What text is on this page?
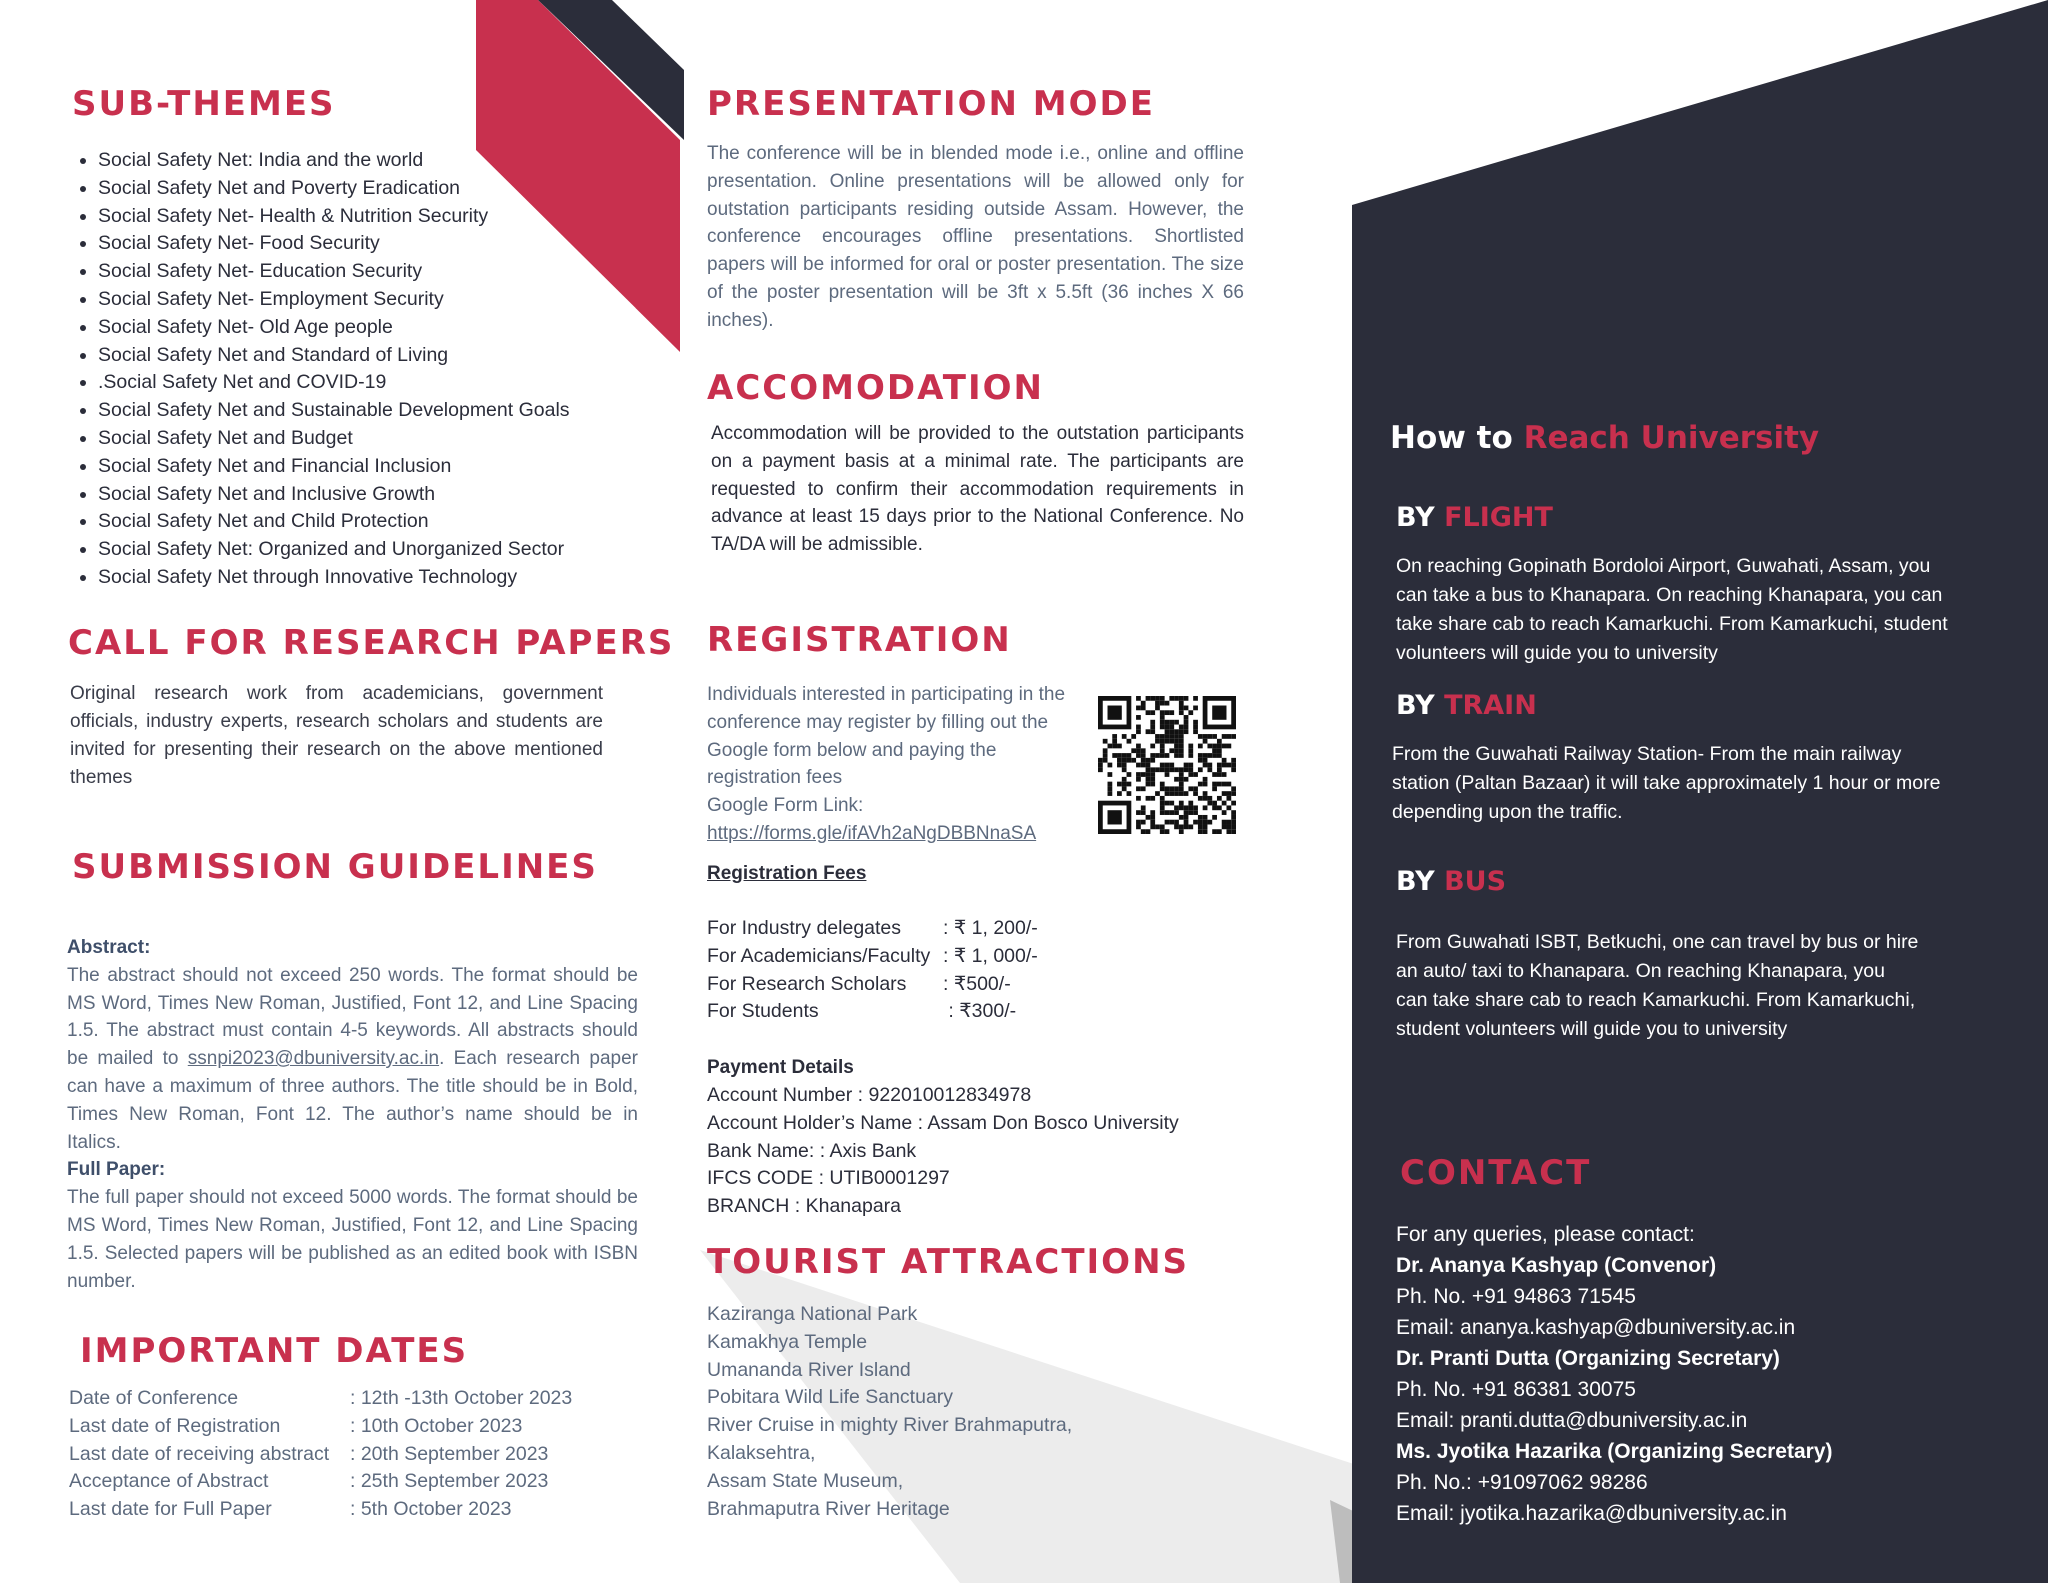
SUB-THEMES
• Social Safety Net: India and the world
• Social Safety Net and Poverty Eradication
• Social Safety Net- Health & Nutrition Security
• Social Safety Net- Food Security
• Social Safety Net- Education Security
• Social Safety Net- Employment Security
• Social Safety Net- Old Age people
• Social Safety Net and Standard of Living
• .Social Safety Net and COVID-19
• Social Safety Net and Sustainable Development Goals
• Social Safety Net and Budget
• Social Safety Net and Financial Inclusion
• Social Safety Net and Inclusive Growth
• Social Safety Net and Child Protection
• Social Safety Net: Organized and Unorganized Sector
• Social Safety Net through Innovative Technology
CALL FOR RESEARCH PAPERS

Original research work from academicians, government officials, industry experts, research scholars and students are invited for presenting their research on the above mentioned themes

SUBMISSION GUIDELINES
Abstract:
The abstract should not exceed 250 words. The format should be MS Word, Times New Roman, Justified, Font 12, and Line Spacing 1.5. The abstract must contain 4-5 keywords. All abstracts should be mailed to ssnpi2023@dbuniversity.ac.in. Each research paper can have a maximum of three authors. The title should be in Bold, Times New Roman, Font 12. The author’s name should be in Italics.
Full Paper:
The full paper should not exceed 5000 words. The format should be MS Word, Times New Roman, Justified, Font 12, and Line Spacing 1.5. Selected papers will be published as an edited book with ISBN number.
IMPORTANT DATES
Date of Conference	: 12th -13th October 2023
Last date of Registration	: 10th October 2023
Last date of receiving abstract	: 20th September 2023
Acceptance of Abstract	: 25th September 2023
Last date for Full Paper	: 5th October 2023
PRESENTATION MODE

The conference will be in blended mode i.e., online and offline presentation. Online presentations will be allowed only for outstation participants residing outside Assam. However, the conference encourages offline presentations. Shortlisted papers will be informed for oral or poster presentation. The size of the poster presentation will be 3ft x 5.5ft (36 inches X 66 inches).

ACCOMODATION

Accommodation will be provided to the outstation participants on a payment basis at a minimal rate. The participants are requested to confirm their accommodation requirements in advance at least 15 days prior to the National Conference. No TA/DA will be admissible.

REGISTRATION

Individuals interested in participating in the conference may register by filling out the Google form below and paying the registration fees

Google Form Link:
https://forms.gle/ifAVh2aNgDBBNnaSA
Registration Fees
For Industry delegates	: ₹ 1, 200/-
For Academicians/Faculty : ₹ 1, 000/-
For Research Scholars	: ₹500/-
For Students	: ₹300/-
Payment Details
Account Number : 922010012834978
Account Holder’s Name : Assam Don Bosco University
Bank Name: : Axis Bank
IFCS CODE : UTIB0001297
BRANCH : Khanapara
TOURIST ATTRACTIONS
Kaziranga National Park
Kamakhya Temple
Umananda River Island
Pobitara Wild Life Sanctuary
River Cruise in mighty River Brahmaputra,
Kalaksehtra,
Assam State Museum,
Brahmaputra River Heritage
How to Reach University
BY FLIGHT

On reaching Gopinath Bordoloi Airport, Guwahati, Assam, you can take a bus to Khanapara. On reaching Khanapara, you can take share cab to reach Kamarkuchi. From Kamarkuchi, student volunteers will guide you to university

BY TRAIN

From the Guwahati Railway Station- From the main railway station (Paltan Bazaar) it will take approximately 1 hour or more depending upon the traffic.

BY BUS

From Guwahati ISBT, Betkuchi, one can travel by bus or hire an auto/ taxi to Khanapara. On reaching Khanapara, you can take share cab to reach Kamarkuchi. From Kamarkuchi, student volunteers will guide you to university

CONTACT
For any queries, please contact:
Dr. Ananya Kashyap (Convenor)
Ph. No. +91 94863 71545
Email: ananya.kashyap@dbuniversity.ac.in
Dr. Pranti Dutta (Organizing Secretary)
Ph. No. +91 86381 30075
Email: pranti.dutta@dbuniversity.ac.in
Ms. Jyotika Hazarika (Organizing Secretary)
Ph. No.: +91097062 98286
Email: jyotika.hazarika@dbuniversity.ac.in
